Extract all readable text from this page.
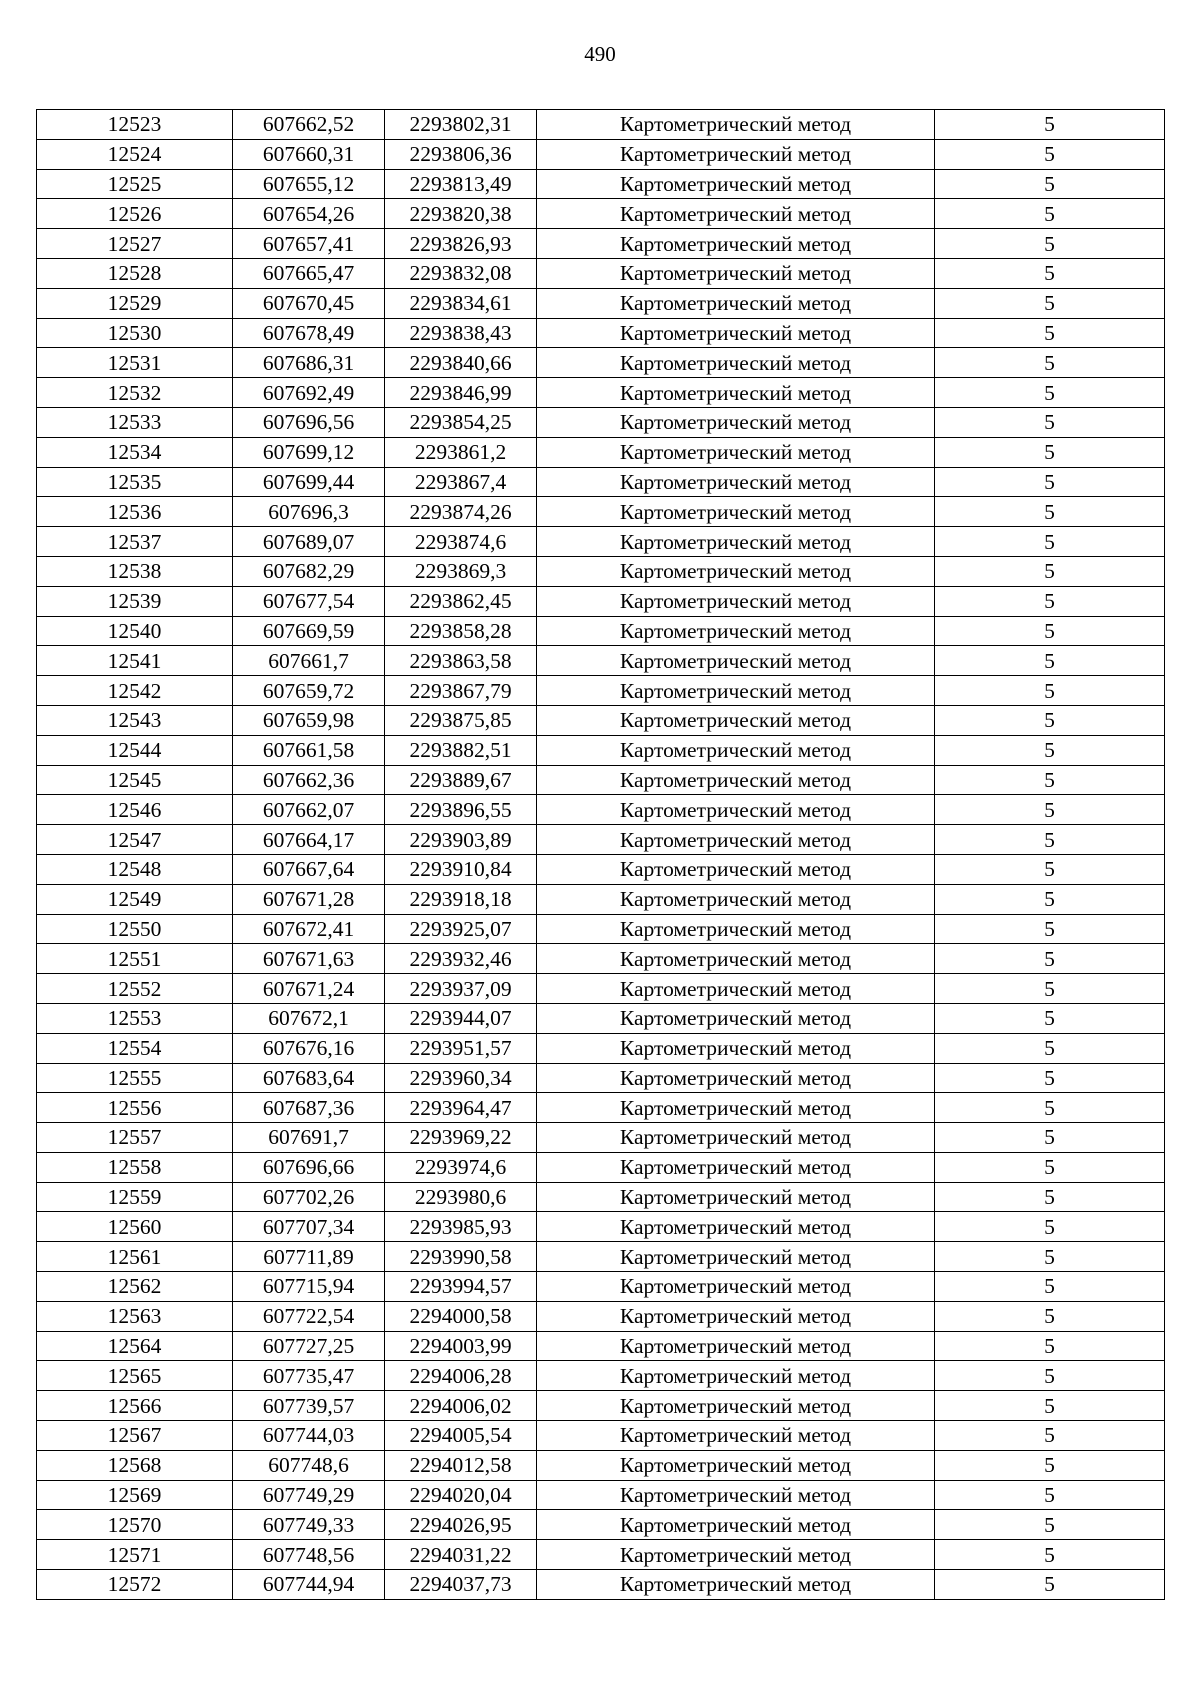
490
12523	607662,52	2293802,31	Картометрический метод	5
12524	607660,31	2293806,36	Картометрический метод	5
12525	607655,12	2293813,49	Картометрический метод	5
12526	607654,26	2293820,38	Картометрический метод	5
12527	607657,41	2293826,93	Картометрический метод	5
12528	607665,47	2293832,08	Картометрический метод	5
12529	607670,45	2293834,61	Картометрический метод	5
12530	607678,49	2293838,43	Картометрический метод	5
12531	607686,31	2293840,66	Картометрический метод	5
12532	607692,49	2293846,99	Картометрический метод	5
12533	607696,56	2293854,25	Картометрический метод	5
12534	607699,12	2293861,2	Картометрический метод	5
12535	607699,44	2293867,4	Картометрический метод	5
12536	607696,3	2293874,26	Картометрический метод	5
12537	607689,07	2293874,6	Картометрический метод	5
12538	607682,29	2293869,3	Картометрический метод	5
12539	607677,54	2293862,45	Картометрический метод	5
12540	607669,59	2293858,28	Картометрический метод	5
12541	607661,7	2293863,58	Картометрический метод	5
12542	607659,72	2293867,79	Картометрический метод	5
12543	607659,98	2293875,85	Картометрический метод	5
12544	607661,58	2293882,51	Картометрический метод	5
12545	607662,36	2293889,67	Картометрический метод	5
12546	607662,07	2293896,55	Картометрический метод	5
12547	607664,17	2293903,89	Картометрический метод	5
12548	607667,64	2293910,84	Картометрический метод	5
12549	607671,28	2293918,18	Картометрический метод	5
12550	607672,41	2293925,07	Картометрический метод	5
12551	607671,63	2293932,46	Картометрический метод	5
12552	607671,24	2293937,09	Картометрический метод	5
12553	607672,1	2293944,07	Картометрический метод	5
12554	607676,16	2293951,57	Картометрический метод	5
12555	607683,64	2293960,34	Картометрический метод	5
12556	607687,36	2293964,47	Картометрический метод	5
12557	607691,7	2293969,22	Картометрический метод	5
12558	607696,66	2293974,6	Картометрический метод	5
12559	607702,26	2293980,6	Картометрический метод	5
12560	607707,34	2293985,93	Картометрический метод	5
12561	607711,89	2293990,58	Картометрический метод	5
12562	607715,94	2293994,57	Картометрический метод	5
12563	607722,54	2294000,58	Картометрический метод	5
12564	607727,25	2294003,99	Картометрический метод	5
12565	607735,47	2294006,28	Картометрический метод	5
12566	607739,57	2294006,02	Картометрический метод	5
12567	607744,03	2294005,54	Картометрический метод	5
12568	607748,6	2294012,58	Картометрический метод	5
12569	607749,29	2294020,04	Картометрический метод	5
12570	607749,33	2294026,95	Картометрический метод	5
12571	607748,56	2294031,22	Картометрический метод	5
12572	607744,94	2294037,73	Картометрический метод	5
